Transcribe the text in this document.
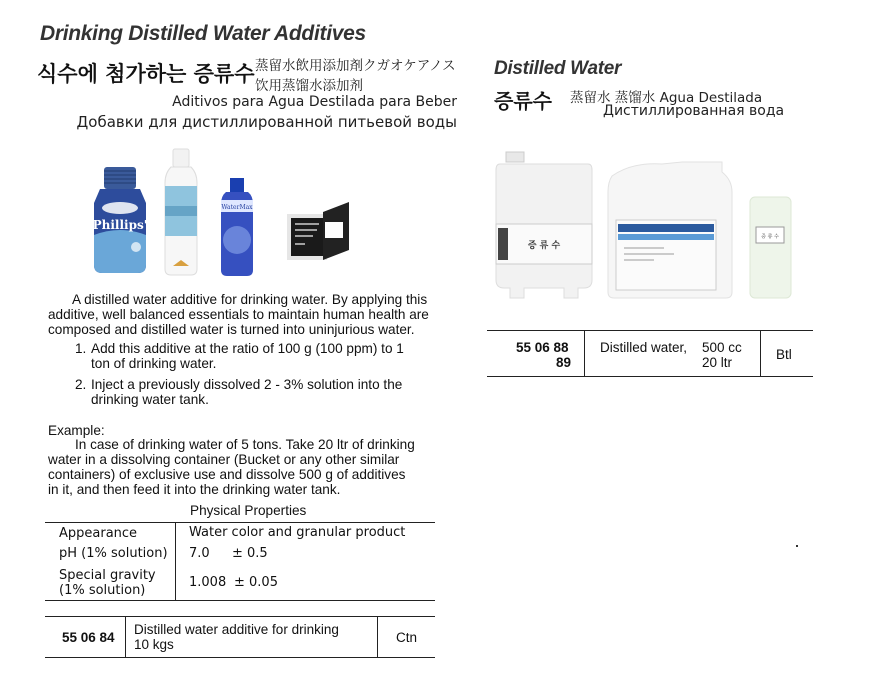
Drinking Distilled Water Additives
식수에 첨가하는 증류수 蒸留水飲用添加剤クガオケアノス
饮用蒸馏水添加剂
Aditivos para Agua Destilada para Beber
Добавки для дистиллированной питьевой воды
Phillips'
WaterMax
A distilled water additive for drinking water. By applying this
additive, well balanced essentials to maintain human health are
composed and distilled water is turned into uninjurious water.
1. Add this additive at the ratio of 100 g (100 ppm) to 1
ton of drinking water.
2. Inject a previously dissolved 2 - 3% solution into the
drinking water tank.
Example:
In case of drinking water of 5 tons. Take 20 ltr of drinking
water in a dissolving container (Bucket or any other similar
containers) of exclusive use and dissolve 500 g of additives
in it, and then feed it into the drinking water tank.
Physical Properties
Appearance	Water color and granular product
pH (1% solution) 7.0 ± 0.5
Special gravity
(1% solution)
1.008 ± 0.05
55 06 84
Distilled water additive for drinking
10 kgs	Ctn
Distilled Water
증류수 蒸留水 蒸馏水 Agua Destilada
Дистиллированная вода
증 류 수
증 류 수
55 06 88
89
Distilled water, 500 cc
20 ltr
Btl
